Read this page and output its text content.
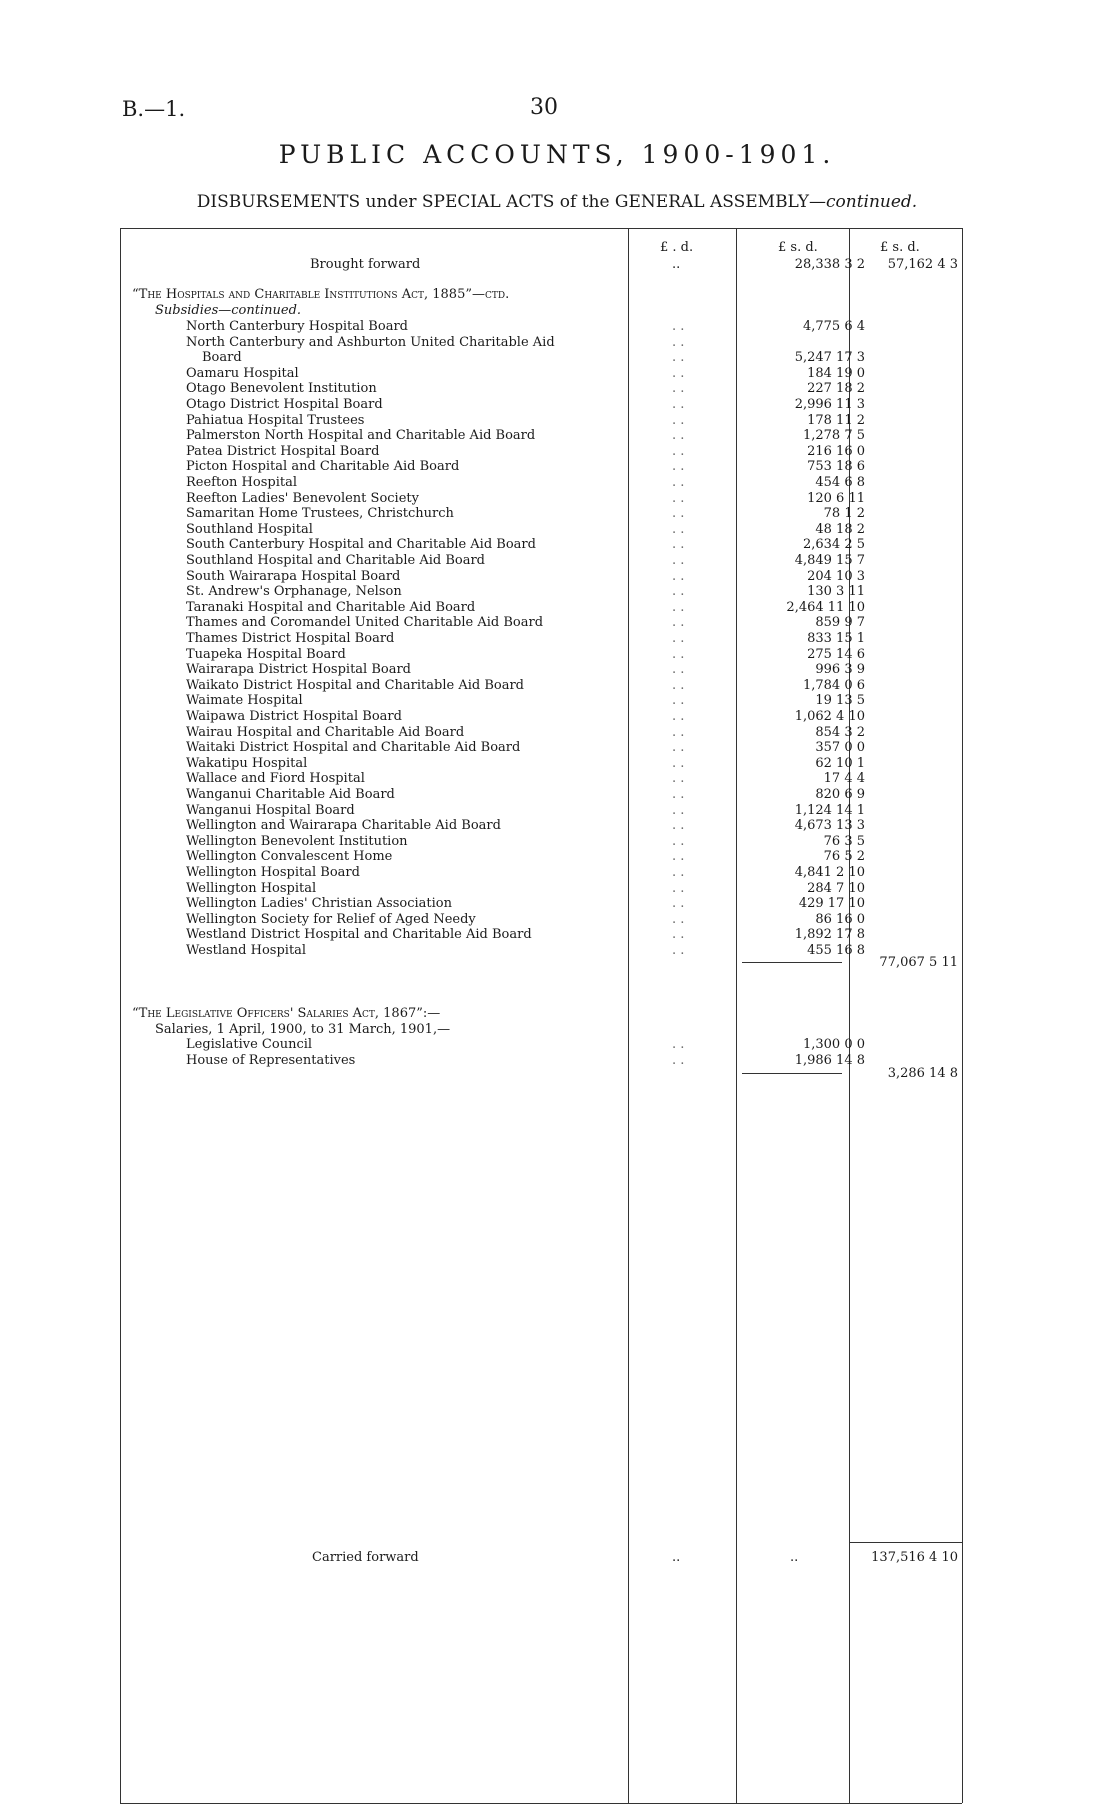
B.—1.	30
PUBLIC ACCOUNTS, 1900-1901.
DISBURSEMENTS under SPECIAL ACTS of the GENERAL ASSEMBLY—continued.
£ . d.	£ s. d.	£ s. d.
Brought forward	..	28,338 3 2	57,162 4 3
“The Hospitals and Charitable Institutions Act, 1885”—ctd.
Subsidies—continued.
North Canterbury Hospital Board	. .	4,775 6 4
North Canterbury and Ashburton United Charitable Aid	. .
Board	. .	5,247 17 3
Oamaru Hospital	. .	184 19 0
Otago Benevolent Institution	. .	227 18 2
Otago District Hospital Board	. .	2,996 11 3
Pahiatua Hospital Trustees	. .	178 11 2
Palmerston North Hospital and Charitable Aid Board	. .	1,278 7 5
Patea District Hospital Board	. .	216 16 0
Picton Hospital and Charitable Aid Board	. .	753 18 6
Reefton Hospital	. .	454 6 8
Reefton Ladies' Benevolent Society	. .	120 6 11
Samaritan Home Trustees, Christchurch	. .	78 1 2
Southland Hospital	. .	48 18 2
South Canterbury Hospital and Charitable Aid Board	. .	2,634 2 5
Southland Hospital and Charitable Aid Board	. .	4,849 15 7
South Wairarapa Hospital Board	. .	204 10 3
St. Andrew's Orphanage, Nelson	. .	130 3 11
Taranaki Hospital and Charitable Aid Board	. .	2,464 11 10
Thames and Coromandel United Charitable Aid Board	. .	859 9 7
Thames District Hospital Board	. .	833 15 1
Tuapeka Hospital Board	. .	275 14 6
Wairarapa District Hospital Board	. .	996 3 9
Waikato District Hospital and Charitable Aid Board	. .	1,784 0 6
Waimate Hospital	. .	19 13 5
Waipawa District Hospital Board	. .	1,062 4 10
Wairau Hospital and Charitable Aid Board	. .	854 3 2
Waitaki District Hospital and Charitable Aid Board	. .	357 0 0
Wakatipu Hospital	. .	62 10 1
Wallace and Fiord Hospital	. .	17 4 4
Wanganui Charitable Aid Board	. .	820 6 9
Wanganui Hospital Board	. .	1,124 14 1
Wellington and Wairarapa Charitable Aid Board	. .	4,673 13 3
Wellington Benevolent Institution	. .	76 3 5
Wellington Convalescent Home	. .	76 5 2
Wellington Hospital Board	. .	4,841 2 10
Wellington Hospital	. .	284 7 10
Wellington Ladies' Christian Association	. .	429 17 10
Wellington Society for Relief of Aged Needy	. .	86 16 0
Westland District Hospital and Charitable Aid Board	. .	1,892 17 8
Westland Hospital	. .	455 16 8
77,067 5 11
“The Legislative Officers' Salaries Act, 1867”:—
Salaries, 1 April, 1900, to 31 March, 1901,—
Legislative Council	. .	1,300 0 0
House of Representatives	. .	1,986 14 8
3,286 14 8
Carried forward	..	..	137,516 4 10
